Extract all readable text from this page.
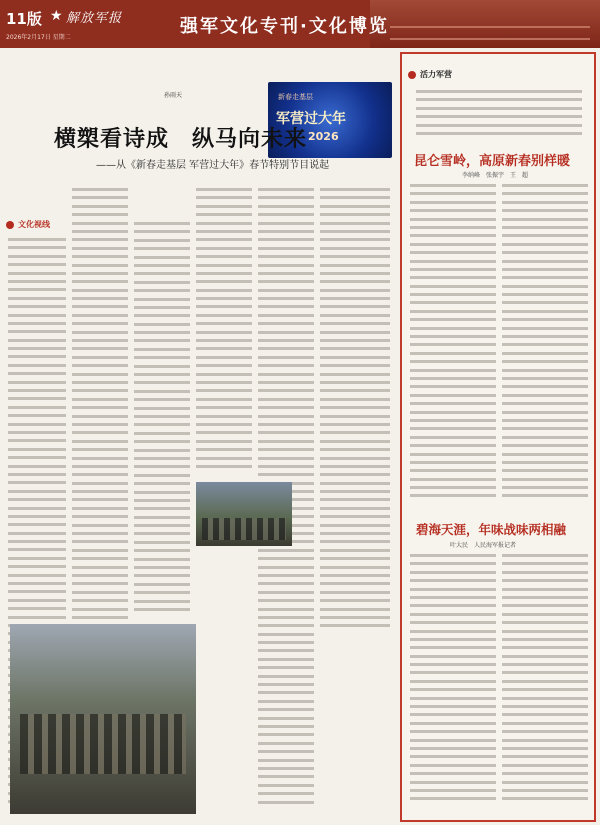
11版 ★ 解放军报
2026年2月17日 星期二
强军文化专刊·文化博览
孙雨天	新春走基层
军营过大年
2026
横槊看诗成　纵马向未来
——从《新春走基层 军营过大年》春节特别节目说起
文化视线
活力军营
昆仑雪岭，高原新春别样暖
李纳峰　张振宇　王　超
碧海天涯，年味战味两相融
叶大民　人民海军报记者
